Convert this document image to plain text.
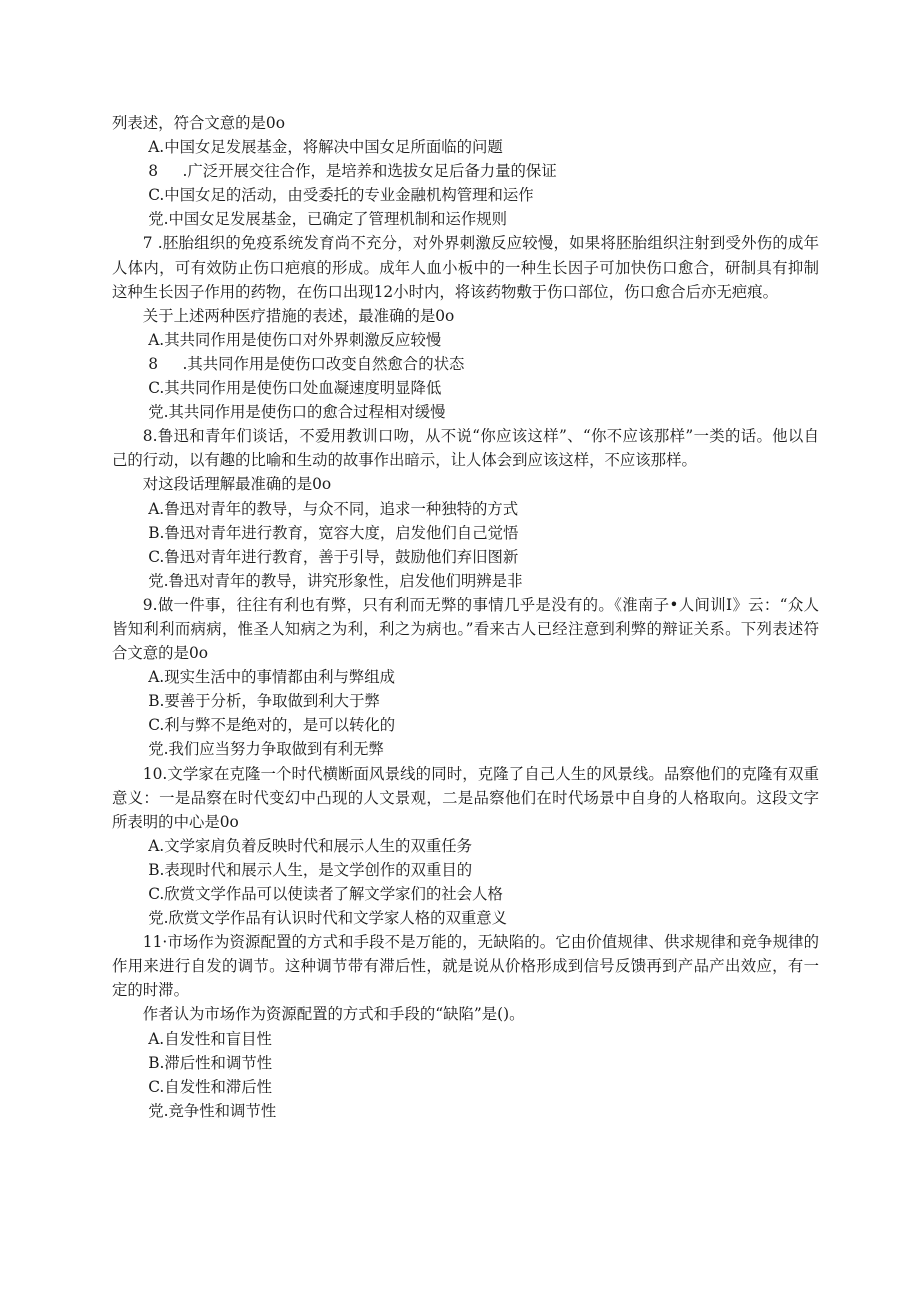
列表述，符合文意的是0o

A.中国女足发展基金，将解决中国女足所面临的问题

8     .广泛开展交往合作，是培养和选拔女足后备力量的保证

C.中国女足的活动，由受委托的专业金融机构管理和运作

党.中国女足发展基金，已确定了管理机制和运作规则

7 .胚胎组织的免疫系统发育尚不充分，对外界刺激反应较慢，如果将胚胎组织注射到受外伤的成年人体内，可有效防止伤口疤痕的形成。成年人血小板中的一种生长因子可加快伤口愈合，研制具有抑制这种生长因子作用的药物，在伤口出现12小时内，将该药物敷于伤口部位，伤口愈合后亦无疤痕。

关于上述两种医疗措施的表述，最准确的是0o

A.其共同作用是使伤口对外界刺激反应较慢

8     .其共同作用是使伤口改变自然愈合的状态

C.其共同作用是使伤口处血凝速度明显降低

党.其共同作用是使伤口的愈合过程相对缓慢

8.鲁迅和青年们谈话，不爱用教训口吻，从不说“你应该这样”、“你不应该那样”一类的话。他以自己的行动，以有趣的比喻和生动的故事作出暗示，让人体会到应该这样，不应该那样。

对这段话理解最准确的是0o

A.鲁迅对青年的教导，与众不同，追求一种独特的方式

B.鲁迅对青年进行教育，宽容大度，启发他们自己觉悟

C.鲁迅对青年进行教育，善于引导，鼓励他们弃旧图新

党.鲁迅对青年的教导，讲究形象性，启发他们明辨是非

9.做一件事，往往有利也有弊，只有利而无弊的事情几乎是没有的。《淮南子•人间训I》云：“众人皆知利利而病病，惟圣人知病之为利，利之为病也。”看来古人已经注意到利弊的辩证关系。下列表述符合文意的是0o

A.现实生活中的事情都由利与弊组成

B.要善于分析，争取做到利大于弊

C.利与弊不是绝对的，是可以转化的

党.我们应当努力争取做到有利无弊

10.文学家在克隆一个时代横断面风景线的同时，克隆了自己人生的风景线。品察他们的克隆有双重意义：一是品察在时代变幻中凸现的人文景观，二是品察他们在时代场景中自身的人格取向。这段文字所表明的中心是0o

A.文学家肩负着反映时代和展示人生的双重任务

B.表现时代和展示人生，是文学创作的双重目的

C.欣赏文学作品可以使读者了解文学家们的社会人格

党.欣赏文学作品有认识时代和文学家人格的双重意义

11·市场作为资源配置的方式和手段不是万能的，无缺陷的。它由价值规律、供求规律和竞争规律的作用来进行自发的调节。这种调节带有滞后性，就是说从价格形成到信号反馈再到产品产出效应，有一定的时滞。

作者认为市场作为资源配置的方式和手段的“缺陷”是()。

A.自发性和盲目性

B.滞后性和调节性

C.自发性和滞后性

党.竞争性和调节性
